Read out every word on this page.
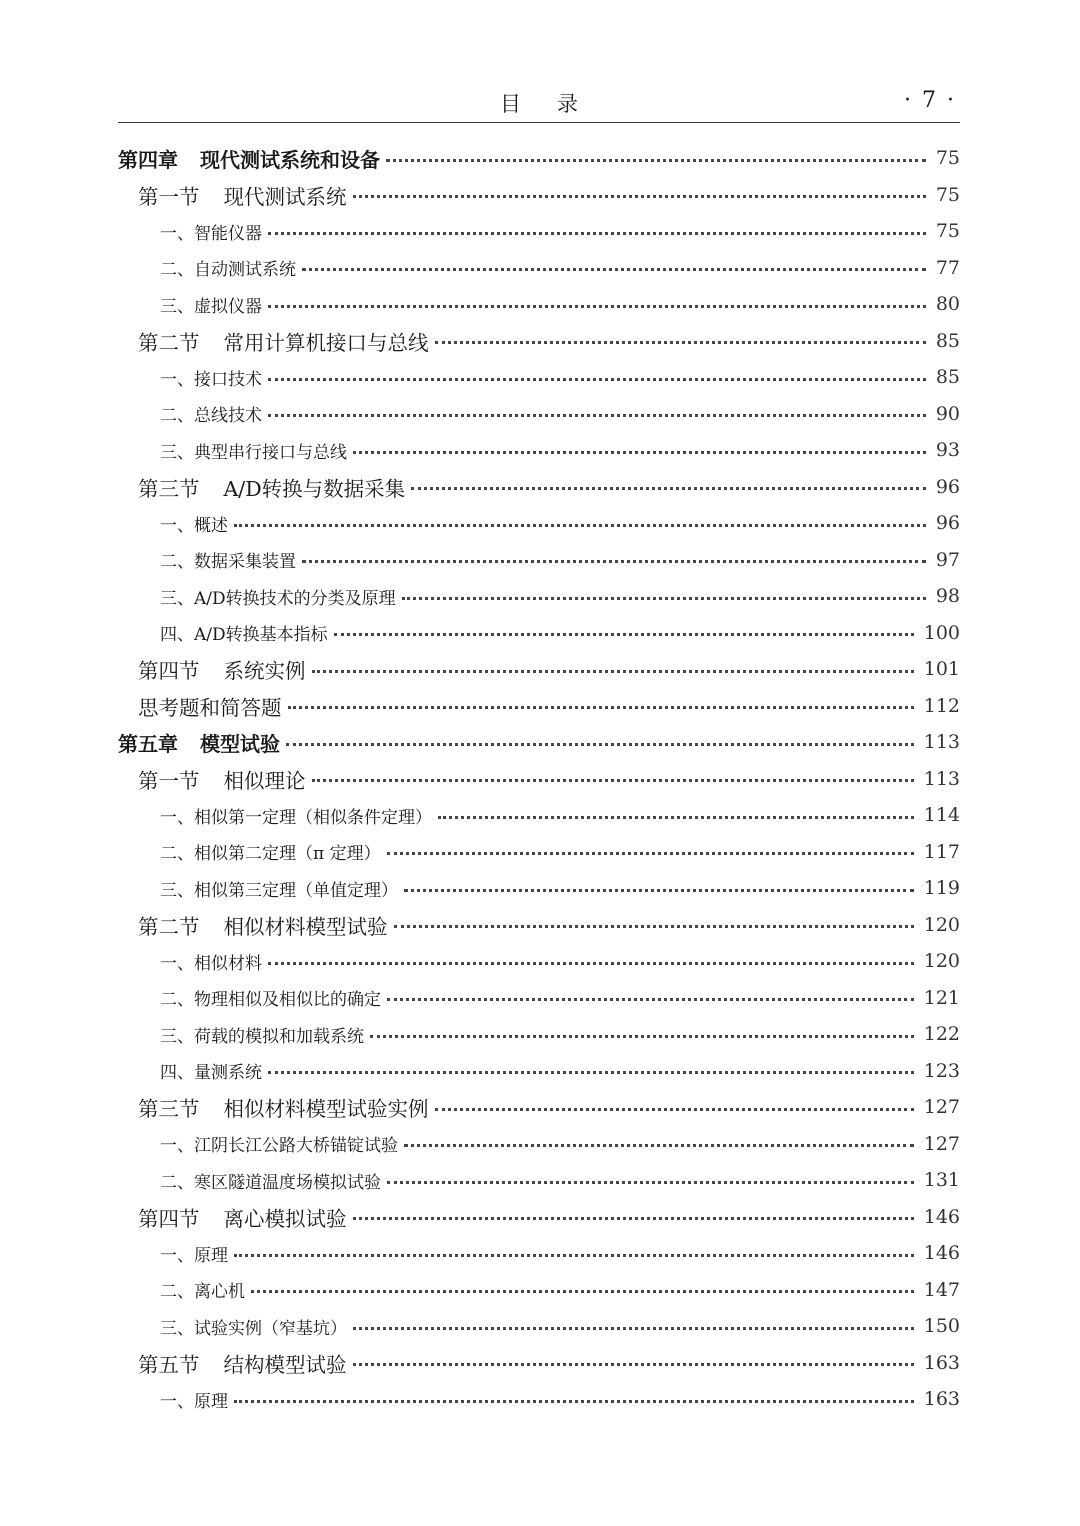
目录	· 7 ·
第四章 现代测试系统和设备	75
第一节 现代测试系统	75
一、智能仪器	75
二、自动测试系统	77
三、虚拟仪器	80
第二节 常用计算机接口与总线	85
一、接口技术	85
二、总线技术	90
三、典型串行接口与总线	93
第三节 A/D转换与数据采集	96
一、概述	96
二、数据采集装置	97
三、A/D转换技术的分类及原理	98
四、A/D转换基本指标	100
第四节 系统实例	101
思考题和简答题	112
第五章 模型试验	113
第一节 相似理论	113
一、相似第一定理（相似条件定理）	114
二、相似第二定理（π 定理）	117
三、相似第三定理（单值定理）	119
第二节 相似材料模型试验	120
一、相似材料	120
二、物理相似及相似比的确定	121
三、荷载的模拟和加载系统	122
四、量测系统	123
第三节 相似材料模型试验实例	127
一、江阴长江公路大桥锚锭试验	127
二、寒区隧道温度场模拟试验	131
第四节 离心模拟试验	146
一、原理	146
二、离心机	147
三、试验实例（窄基坑）	150
第五节 结构模型试验	163
一、原理	163
